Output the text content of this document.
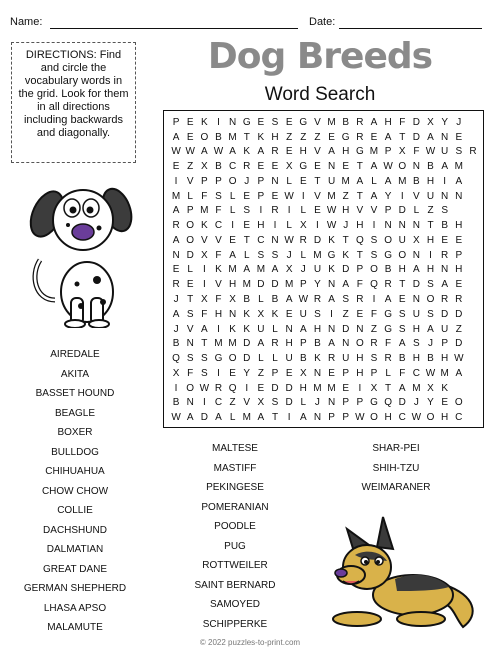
Name:	Date:
DIRECTIONS: Find and circle the vocabulary words in the grid. Look for them in all directions including backwards and diagonally.
Dog Breeds
Word Search
P E K I N G E S E G V M B R A H F D X Y J
A E O B M T K H Z Z Z E G R E A T D A N E
W W A W A K A R E H V A H G M P X F W U S R
E Z X B C R E E X G E N E T A W O N B A M
I V P P O J P N L E T U M A L A M B H I A
M L F S L E P E W I V M Z T A Y I V U N N
A P M F L S I R I L E W H V V P D L Z S
R O K C I E H I L X I W J H I N N N T B H
A O V V E T C N W R D K T Q S O U X H E E
N D X F A L S S J L M G K T S G O N I R P
E L I K M A M A X J U K D P O B H A H N H
R E I V H M D D M P Y N A F Q R T D S A E
J T X F X B L B A W R A S R I A E N O R R
A S F H N K X K E U S I Z E F G S U S D D
J V A I K K U L N A H N D N Z G S H A U Z
B N T M M D A R H P B A N O R F A S J P D
Q S S G O D L L U B K R U H S R B H B H W
X F S I E Y Z P E X N E P H P L F C W M A
I O W R Q I E D D H M M E I X T A M X K
B N I C Z V X S D L J N P P G Q D J Y E O
W A D A L M A T I A N P P W O H C W O H C
AIREDALE
AKITA
BASSET HOUND
BEAGLE
BOXER
BULLDOG
CHIHUAHUA
CHOW CHOW
COLLIE
DACHSHUND
DALMATIAN
GREAT DANE
GERMAN SHEPHERD
LHASA APSO
MALAMUTE
MALTESE
MASTIFF
PEKINGESE
POMERANIAN
POODLE
PUG
ROTTWEILER
SAINT BERNARD
SAMOYED
SCHIPPERKE
SHAR-PEI
SHIH-TZU
WEIMARANER
© 2022 puzzles-to-print.com
